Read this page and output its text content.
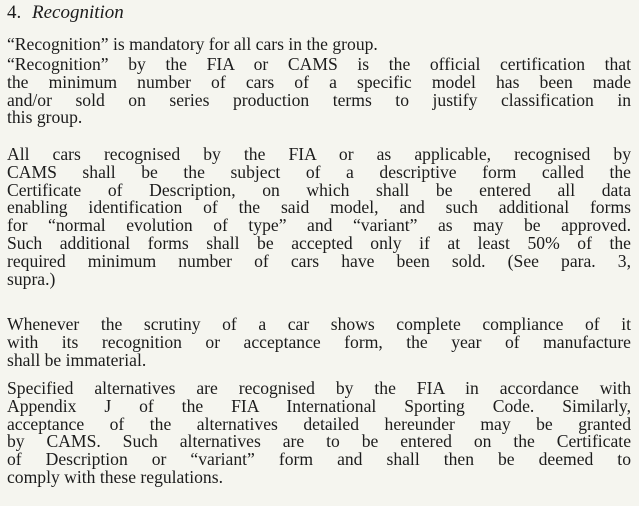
4. Recognition
“Recognition” is mandatory for all cars in the group.
“Recognition” by the FIA or CAMS is the official certification that
the minimum number of cars of a specific model has been made
and/or sold on series production terms to justify classification in
this group.
All cars recognised by the FIA or as applicable, recognised by
CAMS shall be the subject of a descriptive form called the
Certificate of Description, on which shall be entered all data
enabling identification of the said model, and such additional forms
for “normal evolution of type” and “variant” as may be approved.
Such additional forms shall be accepted only if at least 50% of the
required minimum number of cars have been sold. (See para. 3,
supra.)
Whenever the scrutiny of a car shows complete compliance of it
with its recognition or acceptance form, the year of manufacture
shall be immaterial.
Specified alternatives are recognised by the FIA in accordance with
Appendix J of the FIA International Sporting Code. Similarly,
acceptance of the alternatives detailed hereunder may be granted
by CAMS. Such alternatives are to be entered on the Certificate
of Description or “variant” form and shall then be deemed to
comply with these regulations.
